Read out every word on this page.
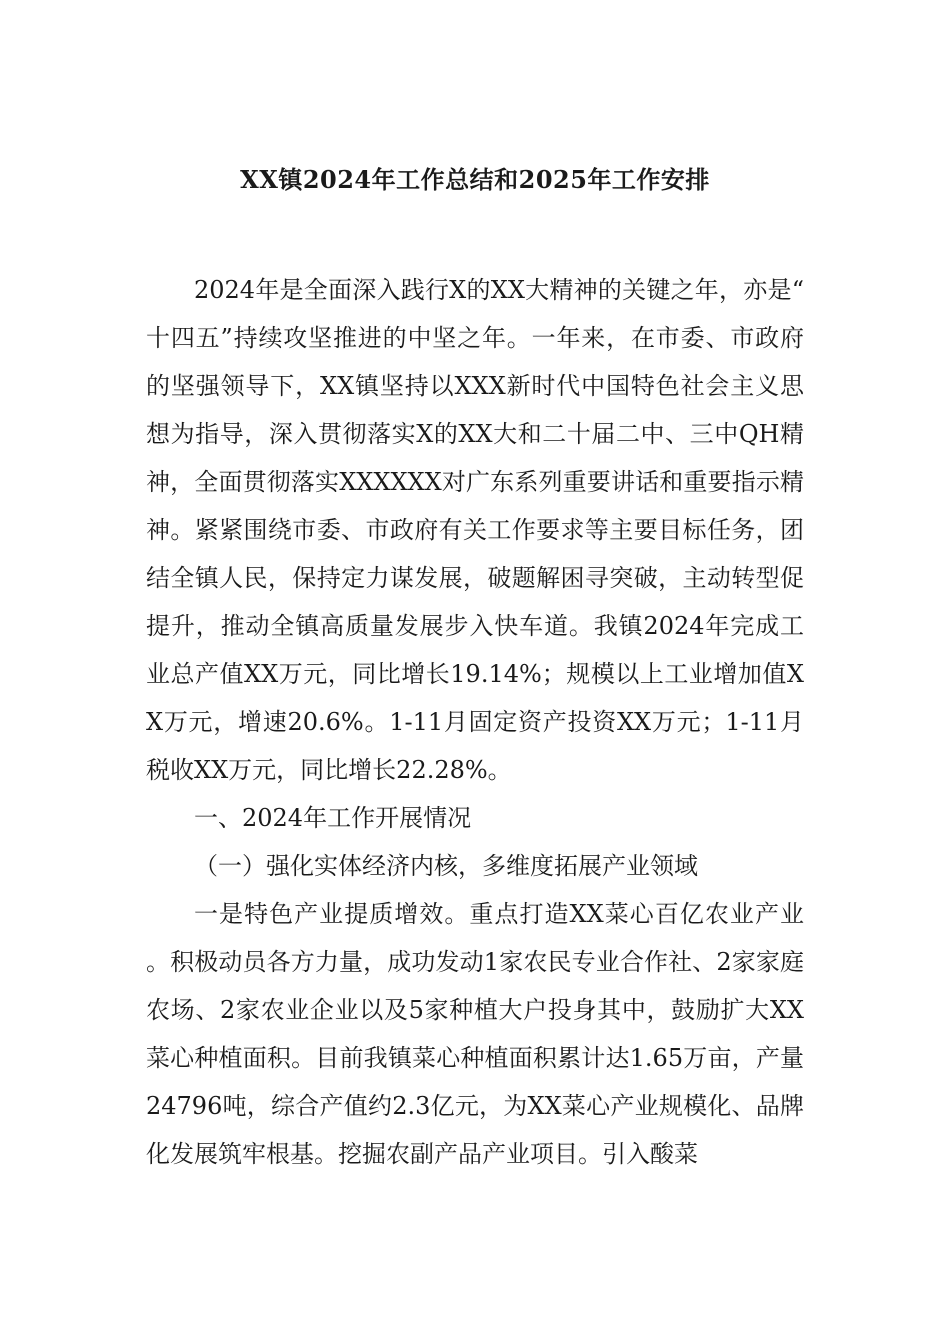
XX镇2024年工作总结和2025年工作安排

2024年是全面深入践行X的XX大精神的关键之年，亦是“十四五”持续攻坚推进的中坚之年。一年来，在市委、市政府的坚强领导下，XX镇坚持以XXX新时代中国特色社会主义思想为指导，深入贯彻落实X的XX大和二十届二中、三中QH精神，全面贯彻落实XXXXXX对广东系列重要讲话和重要指示精神。紧紧围绕市委、市政府有关工作要求等主要目标任务，团结全镇人民，保持定力谋发展，破题解困寻突破，主动转型促提升，推动全镇高质量发展步入快车道。我镇2024年完成工业总产值XX万元，同比增长19.14%；规模以上工业增加值XX万元，增速20.6%。1-11月固定资产投资XX万元；1-11月税收XX万元，同比增长22.28%。

一、2024年工作开展情况

（一）强化实体经济内核，多维度拓展产业领域

一是特色产业提质增效。重点打造XX菜心百亿农业产业。积极动员各方力量，成功发动1家农民专业合作社、2家家庭农场、2家农业企业以及5家种植大户投身其中，鼓励扩大XX菜心种植面积。目前我镇菜心种植面积累计达1.65万亩，产量24796吨，综合产值约2.3亿元，为XX菜心产业规模化、品牌化发展筑牢根基。挖掘农副产品产业项目。引入酸菜
